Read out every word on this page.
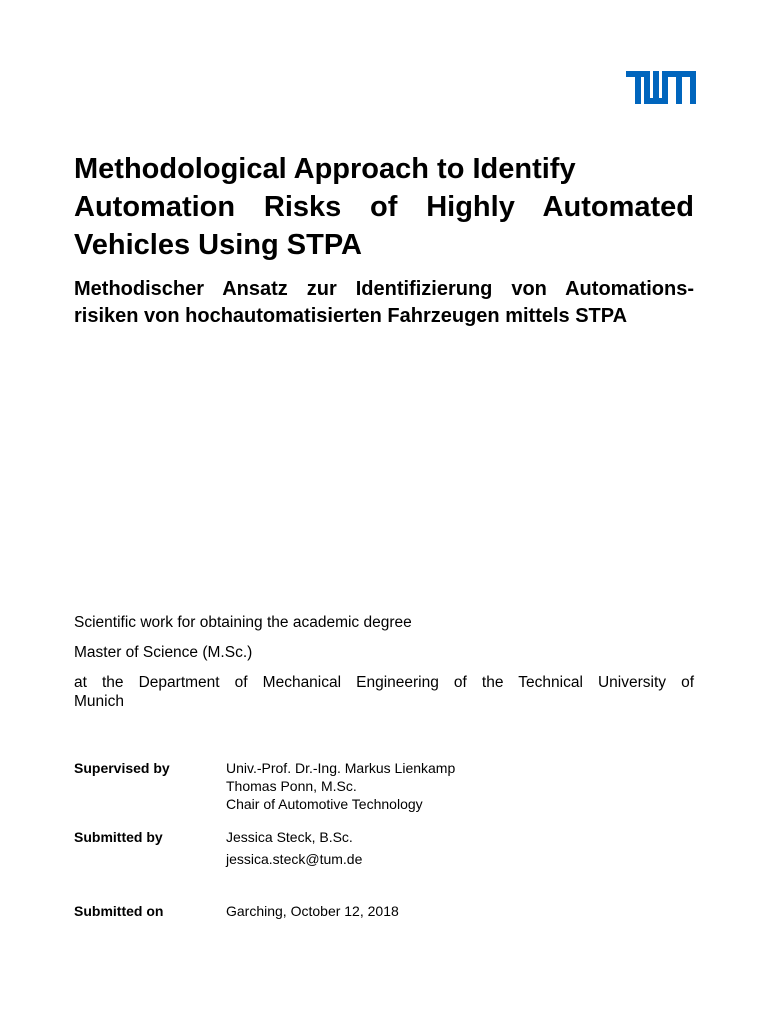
Methodological Approach to Identify
Automation Risks of Highly Automated
Vehicles Using STPA
Methodischer Ansatz zur Identifizierung von Automations-
risiken von hochautomatisierten Fahrzeugen mittels STPA

Scientific work for obtaining the academic degree

Master of Science (M.Sc.)

at the Department of Mechanical Engineering of the Technical University of
Munich

Supervised by	Univ.-Prof. Dr.-Ing. Markus Lienkamp
Thomas Ponn, M.Sc.
Chair of Automotive Technology
Submitted by	Jessica Steck, B.Sc.
jessica.steck@tum.de
Submitted on	Garching, October 12, 2018
